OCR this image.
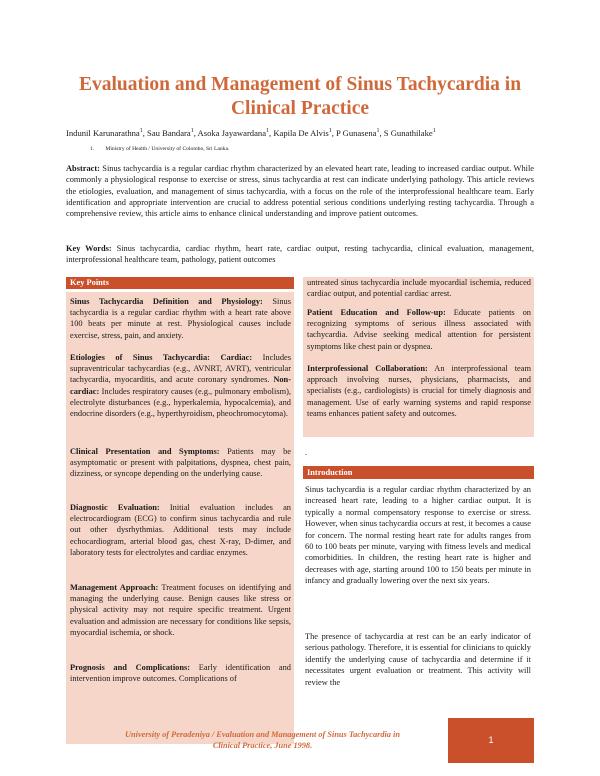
Evaluation and Management of Sinus Tachycardia in Clinical Practice
Indunil Karunarathna$^1$, Sau Bandara$^1$, Asoka Jayawardana$^1$, Kapila De Alvis$^1$, P Gunasena$^1$, S Gunathilake$^1$
1.        Ministry of Health / University of Colombo, Sri Lanka.

Abstract: Sinus tachycardia is a regular cardiac rhythm characterized by an elevated heart rate, leading to increased cardiac output. While commonly a physiological response to exercise or stress, sinus tachycardia at rest can indicate underlying pathology. This article reviews the etiologies, evaluation, and management of sinus tachycardia, with a focus on the role of the interprofessional healthcare team. Early identification and appropriate intervention are crucial to address potential serious conditions underlying resting tachycardia. Through a comprehensive review, this article aims to enhance clinical understanding and improve patient outcomes.

Key Words: Sinus tachycardia, cardiac rhythm, heart rate, cardiac output, resting tachycardia, clinical evaluation, management, interprofessional healthcare team, pathology, patient outcomes

Key Points

Sinus Tachycardia Definition and Physiology: Sinus tachycardia is a regular cardiac rhythm with a heart rate above 100 beats per minute at rest. Physiological causes include exercise, stress, pain, and anxiety.

Etiologies of Sinus Tachycardia: Cardiac: Includes supraventricular tachycardias (e.g., AVNRT, AVRT), ventricular tachycardia, myocarditis, and acute coronary syndromes. Non-cardiac: Includes respiratory causes (e.g., pulmonary embolism), electrolyte disturbances (e.g., hyperkalemia, hypocalcemia), and endocrine disorders (e.g., hyperthyroidism, pheochromocytoma).

Clinical Presentation and Symptoms: Patients may be asymptomatic or present with palpitations, dyspnea, chest pain, dizziness, or syncope depending on the underlying cause.

Diagnostic Evaluation: Initial evaluation includes an electrocardiogram (ECG) to confirm sinus tachycardia and rule out other dysrhythmias. Additional tests may include echocardiogram, arterial blood gas, chest X-ray, D-dimer, and laboratory tests for electrolytes and cardiac enzymes.

Management Approach: Treatment focuses on identifying and managing the underlying cause. Benign causes like stress or physical activity may not require specific treatment. Urgent evaluation and admission are necessary for conditions like sepsis, myocardial ischemia, or shock.

Prognosis and Complications: Early identification and intervention improve outcomes. Complications of

untreated sinus tachycardia include myocardial ischemia, reduced cardiac output, and potential cardiac arrest.

Patient Education and Follow-up: Educate patients on recognizing symptoms of serious illness associated with tachycardia. Advise seeking medical attention for persistent symptoms like chest pain or dyspnea.

Interprofessional Collaboration: An interprofessional team approach involving nurses, physicians, pharmacists, and specialists (e.g., cardiologists) is crucial for timely diagnosis and management. Use of early warning systems and rapid response teams enhances patient safety and outcomes.

.
Introduction

Sinus tachycardia is a regular cardiac rhythm characterized by an increased heart rate, leading to a higher cardiac output. It is typically a normal compensatory response to exercise or stress. However, when sinus tachycardia occurs at rest, it becomes a cause for concern. The normal resting heart rate for adults ranges from 60 to 100 beats per minute, varying with fitness levels and medical comorbidities. In children, the resting heart rate is higher and decreases with age, starting around 100 to 150 beats per minute in infancy and gradually lowering over the next six years.

The presence of tachycardia at rest can be an early indicator of serious pathology. Therefore, it is essential for clinicians to quickly identify the underlying cause of tachycardia and determine if it necessitates urgent evaluation or treatment. This activity will review the

University of Peradeniya / Evaluation and Management of Sinus Tachycardia in
Clinical Practice, June 1998.
1
